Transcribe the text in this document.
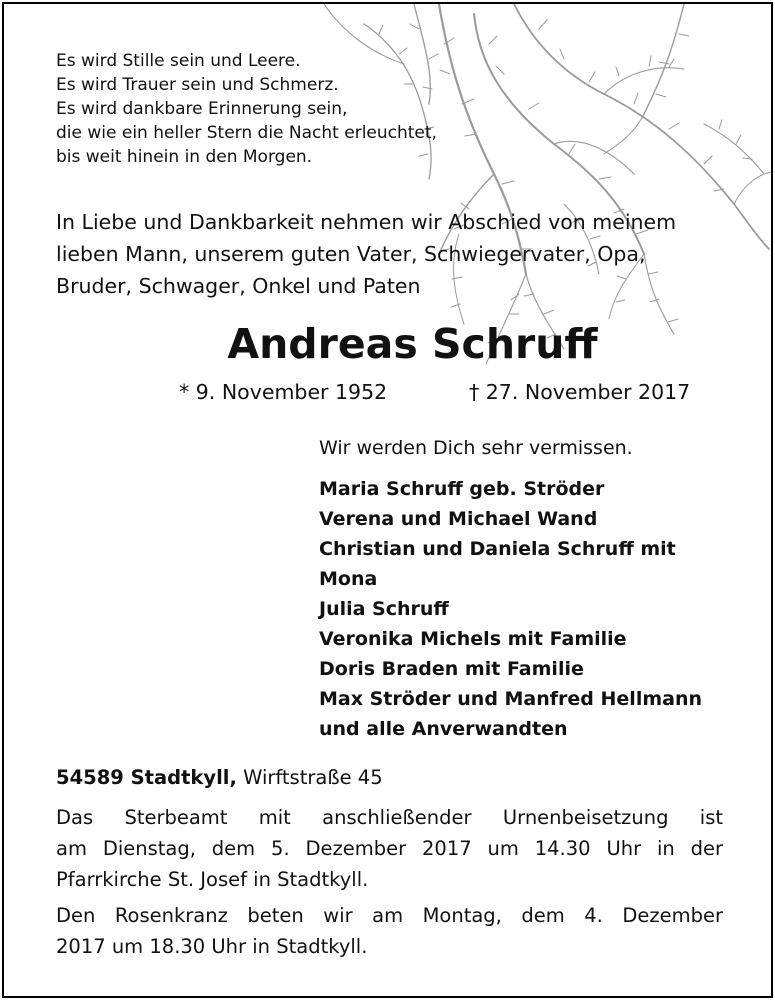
Es wird Stille sein und Leere.
Es wird Trauer sein und Schmerz.
Es wird dankbare Erinnerung sein,
die wie ein heller Stern die Nacht erleuchtet,
bis weit hinein in den Morgen.
In Liebe und Dankbarkeit nehmen wir Abschied von meinem
lieben Mann, unserem guten Vater, Schwiegervater, Opa,
Bruder, Schwager, Onkel und Paten
Andreas Schruff
* 9. November 1952	† 27. November 2017
Wir werden Dich sehr vermissen.
Maria Schruff geb. Ströder
Verena und Michael Wand
Christian und Daniela Schruff mit
Mona
Julia Schruff
Veronika Michels mit Familie
Doris Braden mit Familie
Max Ströder und Manfred Hellmann
und alle Anverwandten
54589 Stadtkyll, Wirftstraße 45

Das Sterbeamt mit anschließender Urnenbeisetzung ist
am Dienstag, dem 5. Dezember 2017 um 14.30 Uhr in der
Pfarrkirche St. Josef in Stadtkyll.

Den Rosenkranz beten wir am Montag, dem 4. Dezember
2017 um 18.30 Uhr in Stadtkyll.
